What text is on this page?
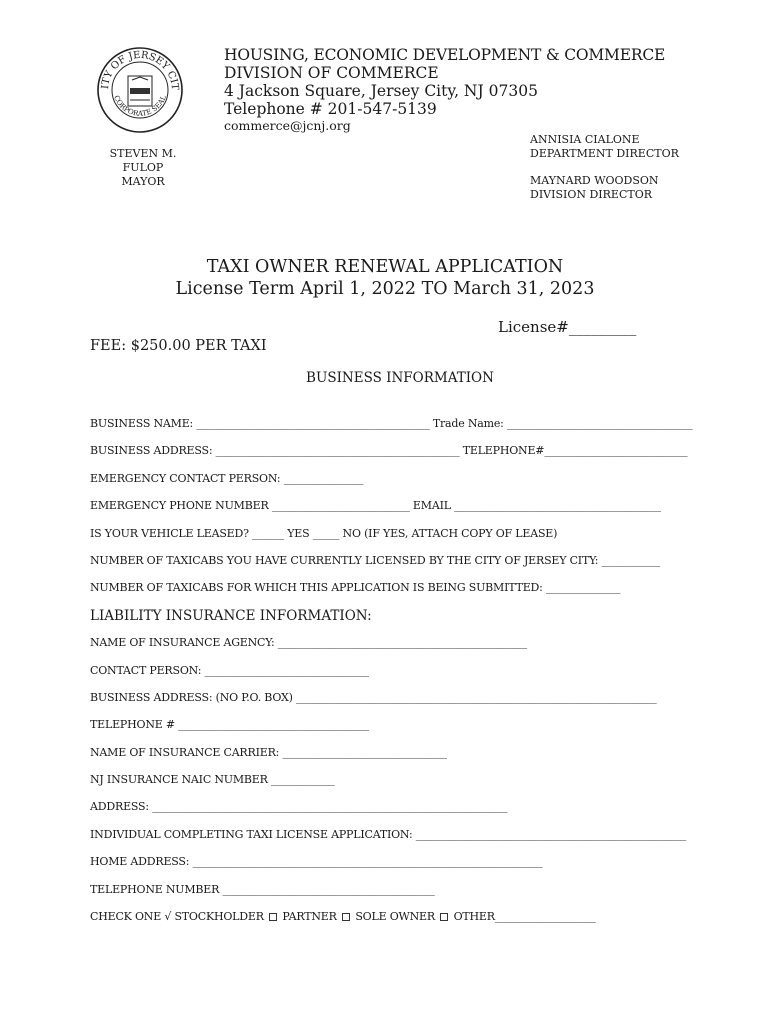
ITY OF JERSEY CIT
CORPORATE SEAL
HOUSING, ECONOMIC DEVELOPMENT & COMMERCE
DIVISION OF COMMERCE
4 Jackson Square, Jersey City, NJ 07305
Telephone # 201-547-5139
commerce@jcnj.org
STEVEN M. FULOP
MAYOR
ANNISIA CIALONE
DEPARTMENT DIRECTOR
MAYNARD WOODSON
DIVISION DIRECTOR
TAXI OWNER RENEWAL APPLICATION
License Term April 1, 2022 TO March 31, 2023
License#_________
FEE: $250.00 PER TAXI
BUSINESS INFORMATION
BUSINESS NAME: ____________________________________________ Trade Name: ___________________________________
BUSINESS ADDRESS: ______________________________________________ TELEPHONE#___________________________
EMERGENCY CONTACT PERSON: _______________
EMERGENCY PHONE NUMBER __________________________ EMAIL _______________________________________
IS YOUR VEHICLE LEASED? ______ YES _____ NO (IF YES, ATTACH COPY OF LEASE)
NUMBER OF TAXICABS YOU HAVE CURRENTLY LICENSED BY THE CITY OF JERSEY CITY: ___________
NUMBER OF TAXICABS FOR WHICH THIS APPLICATION IS BEING SUBMITTED: ______________
LIABILITY INSURANCE INFORMATION:
NAME OF INSURANCE AGENCY: _______________________________________________
CONTACT PERSON: _______________________________
BUSINESS ADDRESS: (NO P.O. BOX) ____________________________________________________________________
TELEPHONE # ____________________________________
NAME OF INSURANCE CARRIER: _______________________________
NJ INSURANCE NAIC NUMBER ____________
ADDRESS: ___________________________________________________________________
INDIVIDUAL COMPLETING TAXI LICENSE APPLICATION: ___________________________________________________
HOME ADDRESS: __________________________________________________________________
TELEPHONE NUMBER ________________________________________
CHECK ONE √ STOCKHOLDER PARTNER SOLE OWNER OTHER___________________
